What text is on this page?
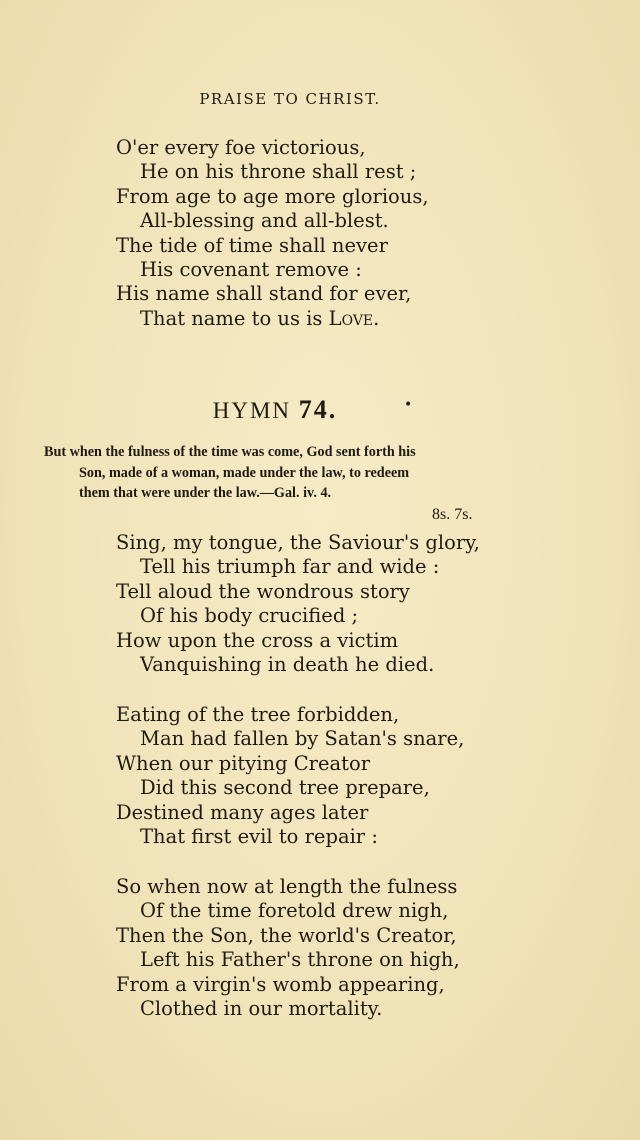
PRAISE TO CHRIST.
O'er every foe victorious,
He on his throne shall rest ;
From age to age more glorious,
All-blessing and all-blest.
The tide of time shall never
His covenant remove :
His name shall stand for ever,
That name to us is Love.
HYMN 74.	•
But when the fulness of the time was come, God sent forth his
Son, made of a woman, made under the law, to redeem
them that were under the law.—Gal. iv. 4.
8s. 7s.
Sing, my tongue, the Saviour's glory,
Tell his triumph far and wide :
Tell aloud the wondrous story
Of his body crucified ;
How upon the cross a victim
Vanquishing in death he died.
Eating of the tree forbidden,
Man had fallen by Satan's snare,
When our pitying Creator
Did this second tree prepare,
Destined many ages later
That first evil to repair :
So when now at length the fulness
Of the time foretold drew nigh,
Then the Son, the world's Creator,
Left his Father's throne on high,
From a virgin's womb appearing,
Clothed in our mortality.
